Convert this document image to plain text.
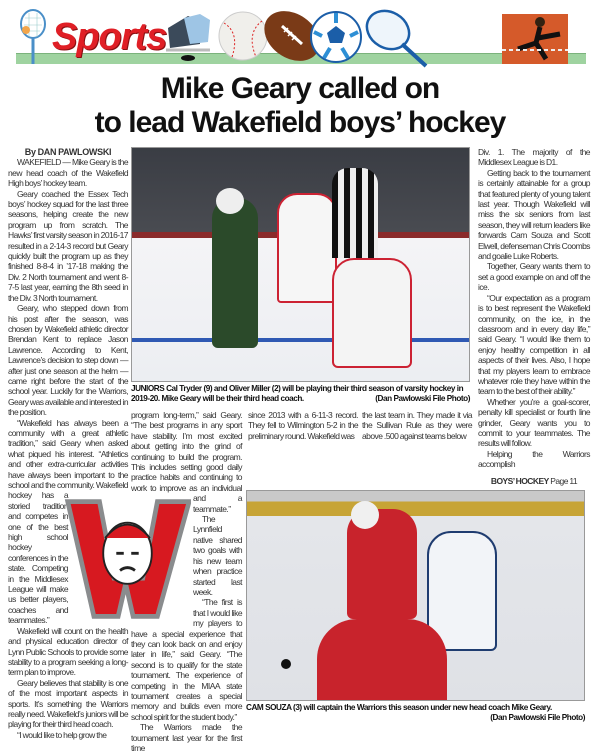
Sports
Mike Geary called on
to lead Wakefield boys’ hockey

By DAN PAWLOWSKI

WAKEFIELD — Mike Geary is the new head coach of the Wakefield High boys’ hockey team.

Geary coached the Essex Tech boys’ hockey squad for the last three seasons, helping create the new program up from scratch. The Hawks’ first varsity season in 2016-17 resulted in a 2-14-3 record but Geary quickly built the program up as they finished 8-8-4 in ’17-18 making the Div. 2 North tournament and went 8-7-5 last year, earning the 8th seed in the Div. 3 North tournament.

Geary, who stepped down from his post after the season, was chosen by Wakefield athletic director Brendan Kent to replace Jason Lawrence. According to Kent, Lawrence’s decision to step down — after just one season at the helm — came right before the start of the school year. Luckily for the Warriors, Geary was available and interested in the position.

“Wakefield has always been a community with a great athletic tradition,” said Geary when asked what piqued his interest. “Athletics and other extra-curricular activities have always been important to the school and the community. Wakefield hockey has a storied tradition and competes in one of the best high school hockey conferences in the state. Competing in the Middlesex League will make us better players, coaches and teammates.”

Wakefield will count on the health and physical education director of Lynn Public Schools to provide some stability to a program seeking a long-term plan to improve.

Geary believes that stability is one of the most important aspects in sports. It’s something the Warriors really need. Wakefield’s juniors will be playing for their third head coach.

“I would like to help grow the

JUNIORS Cal Tryder (9) and Oliver Miller (2) will be playing their third season of varsity hockey in 2019-20. Mike Geary will be their third head coach.	(Dan Pawlowski File Photo)

program long-term,” said Geary. “The best programs in any sport have stability. I’m most excited about getting into the grind of continuing to build the program. This includes setting good daily practice habits and continuing to work to improve as an individual and a teammate.”

The Lynnfield native shared two goals with his new team when practice started last week.

“The first is that I would like my players to have a special experience that they can look back on and enjoy later in life,” said Geary. “The second is to qualify for the state tournament. The experience of competing in the MIAA state tournament creates a special memory and builds even more school spirit for the student body.”

The Warriors made the tournament last year for the first time

since 2013 with a 6-11-3 record. They fell to Wilmington 5-2 in the preliminary round. Wakefield was

the last team in. They made it via the Sullivan Rule as they were above .500 against teams below

Div. 1. The majority of the Middlesex League is D1.

Getting back to the tournament is certainly attainable for a group that featured plenty of young talent last year. Though Wakefield will miss the six seniors from last season, they will return leaders like forwards Cam Souza and Scott Elwell, defenseman Chris Coombs and goalie Luke Roberts.

Together, Geary wants them to set a good example on and off the ice.

“Our expectation as a program is to best represent the Wakefield community, on the ice, in the classroom and in every day life,” said Geary. “I would like them to enjoy healthy competition in all aspects of their lives. Also, I hope that my players learn to embrace whatever role they have within the team to the best of their ability.”

Whether you’re a goal-scorer, penalty kill specialist or fourth line grinder, Geary wants you to commit to your teammates. The results will follow.

Helping the Warriors accomplish

BOYS’ HOCKEY Page 11
CAM SOUZA (3) will captain the Warriors this season under new head coach Mike Geary.
(Dan Pawlowski File Photo)
